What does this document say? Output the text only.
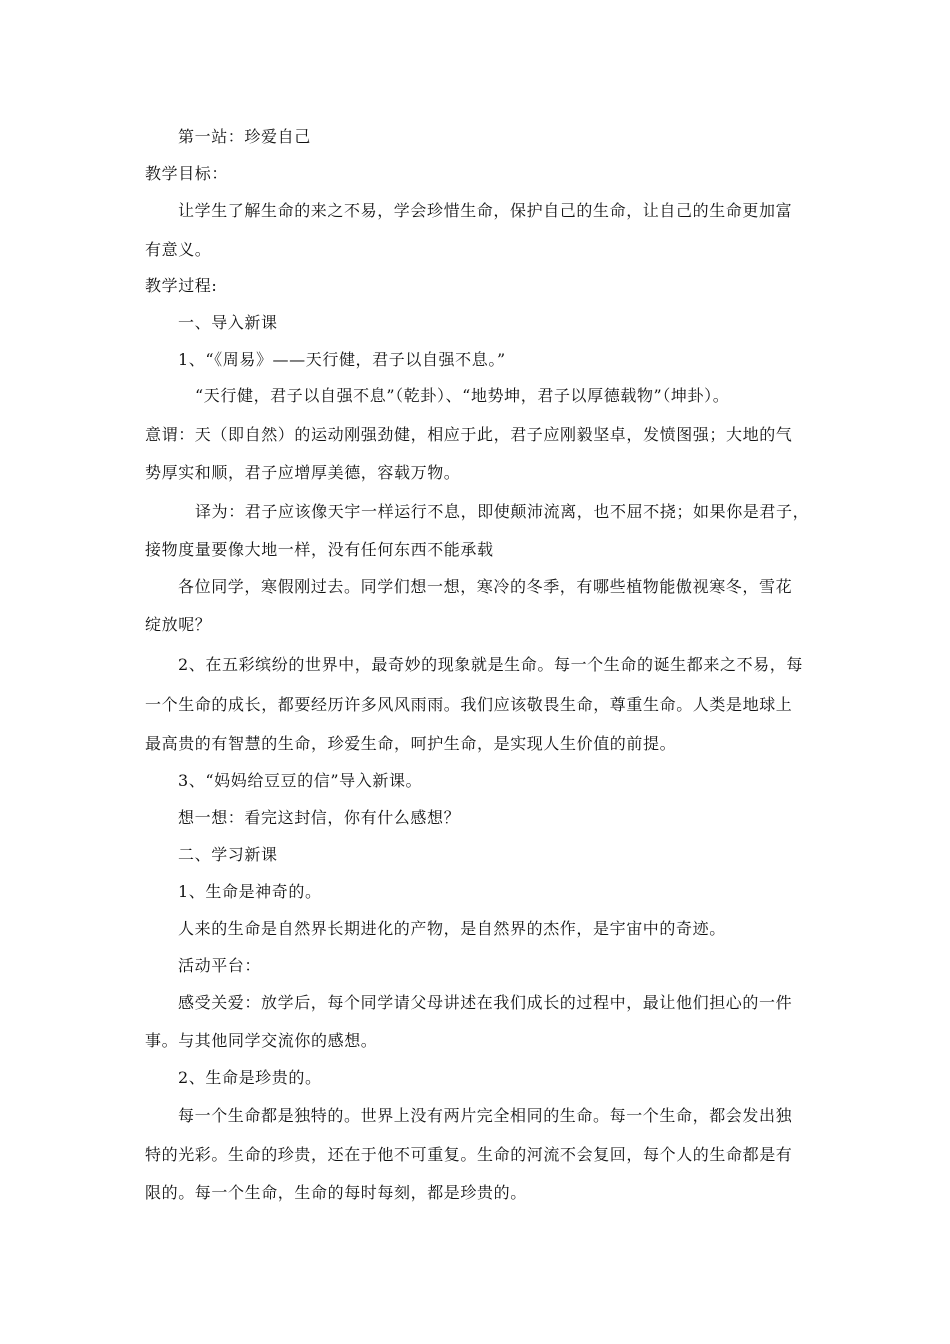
第一站：珍爱自己
教学目标：
让学生了解生命的来之不易，学会珍惜生命，保护自己的生命，让自己的生命更加富
有意义。
教学过程:
一、导入新课
1、“《周易》——天行健，君子以自强不息。”
“天行健，君子以自强不息”（乾卦）、“地势坤，君子以厚德载物”（坤卦）。
意谓：天（即自然）的运动刚强劲健，相应于此，君子应刚毅坚卓，发愤图强；大地的气
势厚实和顺，君子应增厚美德，容载万物。
译为：君子应该像天宇一样运行不息，即使颠沛流离，也不屈不挠；如果你是君子，
接物度量要像大地一样，没有任何东西不能承载
各位同学，寒假刚过去。同学们想一想，寒冷的冬季，有哪些植物能傲视寒冬，雪花
绽放呢？
2、在五彩缤纷的世界中，最奇妙的现象就是生命。每一个生命的诞生都来之不易，每
一个生命的成长，都要经历许多风风雨雨。我们应该敬畏生命，尊重生命。人类是地球上
最高贵的有智慧的生命，珍爱生命，呵护生命，是实现人生价值的前提。
3、“妈妈给豆豆的信”导入新课。
想一想：看完这封信，你有什么感想？
二、学习新课
1、生命是神奇的。
人来的生命是自然界长期进化的产物，是自然界的杰作，是宇宙中的奇迹。
活动平台：
感受关爱：放学后，每个同学请父母讲述在我们成长的过程中，最让他们担心的一件
事。与其他同学交流你的感想。
2、生命是珍贵的。
每一个生命都是独特的。世界上没有两片完全相同的生命。每一个生命，都会发出独
特的光彩。生命的珍贵，还在于他不可重复。生命的河流不会复回，每个人的生命都是有
限的。每一个生命，生命的每时每刻，都是珍贵的。
